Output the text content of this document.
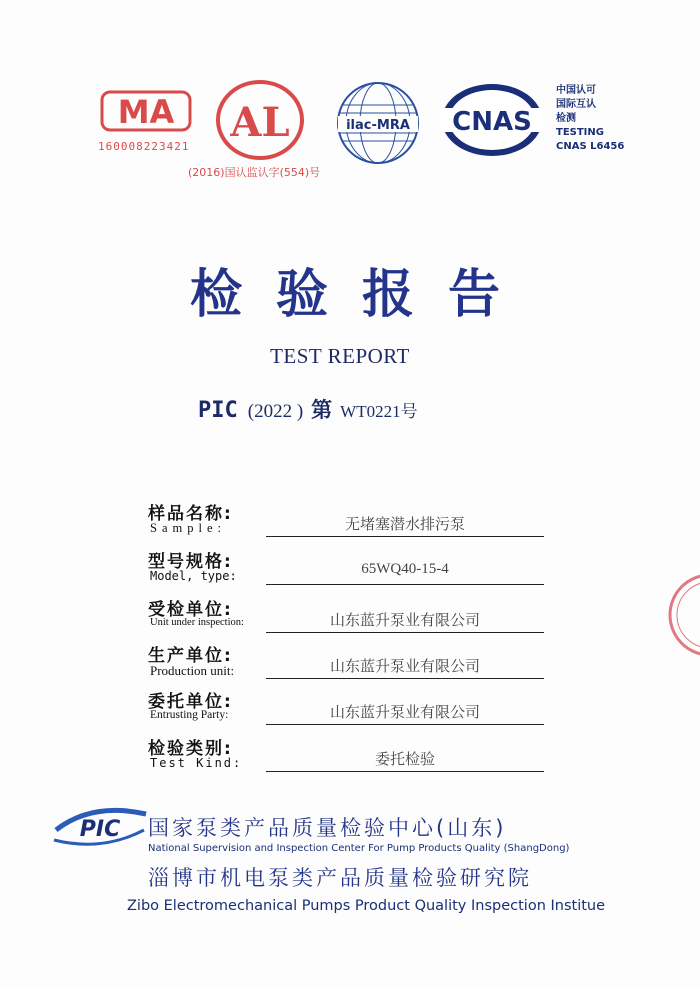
MA
160008223421
AL
(2016)国认监认字(554)号
ilac-MRA CNAS
中国认可
国际互认
检测
TESTING
CNAS L6456
检验报告
TEST REPORT
PIC (2022 ) 第 WT0221号
样品名称:
Sample:	无堵塞潜水排污泵
型号规格:
Model, type:	65WQ40-15-4
受检单位:
Unit under inspection:	山东蓝升泵业有限公司
生产单位:
Production unit:	山东蓝升泵业有限公司
委托单位:
Entrusting Party:	山东蓝升泵业有限公司
检验类别:
Test Kind:	委托检验
PIC 国家泵类产品质量检验中心(山东)
National Supervision and Inspection Center For Pump Products Quality (ShangDong)
淄博市机电泵类产品质量检验研究院
Zibo Electromechanical Pumps Product Quality Inspection Institue
